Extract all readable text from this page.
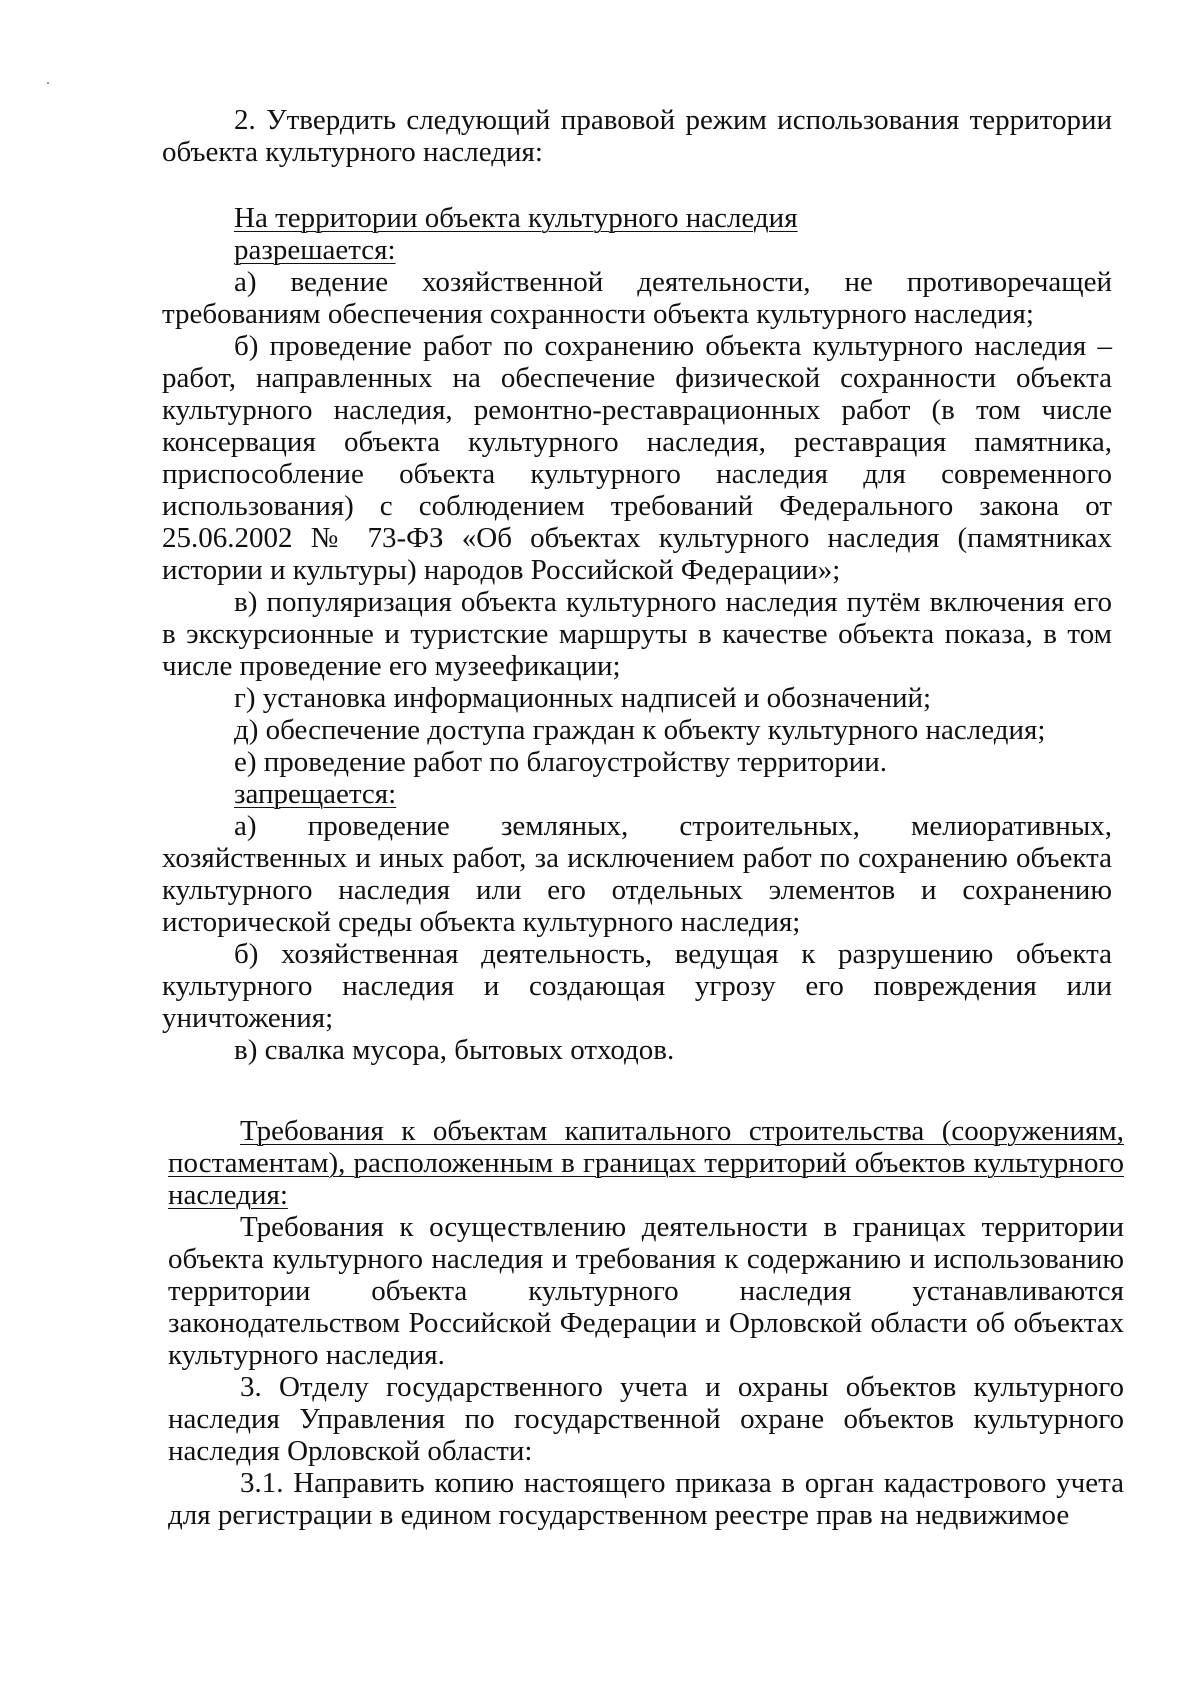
2. Утвердить следующий правовой режим использования территории объекта культурного наследия:

На территории объекта культурного наследия

разрешается:

а) ведение хозяйственной деятельности, не противоречащей требованиям обеспечения сохранности объекта культурного наследия;

б) проведение работ по сохранению объекта культурного наследия – работ, направленных на обеспечение физической сохранности объекта культурного наследия, ремонтно-реставрационных работ (в том числе консервация объекта культурного наследия, реставрация памятника, приспособление объекта культурного наследия для современного использования) с соблюдением требований Федерального закона от 25.06.2002 № 73-ФЗ «Об объектах культурного наследия (памятниках истории и культуры) народов Российской Федерации»;

в) популяризация объекта культурного наследия путём включения его в экскурсионные и туристские маршруты в качестве объекта показа, в том числе проведение его музеефикации;

г) установка информационных надписей и обозначений;

д) обеспечение доступа граждан к объекту культурного наследия;

е) проведение работ по благоустройству территории.

запрещается:

а) проведение земляных, строительных, мелиоративных, хозяйственных и иных работ, за исключением работ по сохранению объекта культурного наследия или его отдельных элементов и сохранению исторической среды объекта культурного наследия;

б) хозяйственная деятельность, ведущая к разрушению объекта культурного наследия и создающая угрозу его повреждения или уничтожения;

в) свалка мусора, бытовых отходов.

Требования к объектам капитального строительства (сооружениям, постаментам), расположенным в границах территорий объектов культурного наследия:

Требования к осуществлению деятельности в границах территории объекта культурного наследия и требования к содержанию и использованию территории объекта культурного наследия устанавливаются законодательством Российской Федерации и Орловской области об объектах культурного наследия.

3. Отделу государственного учета и охраны объектов культурного наследия Управления по государственной охране объектов культурного наследия Орловской области:

3.1. Направить копию настоящего приказа в орган кадастрового учета для регистрации в едином государственном реестре прав на недвижимое
